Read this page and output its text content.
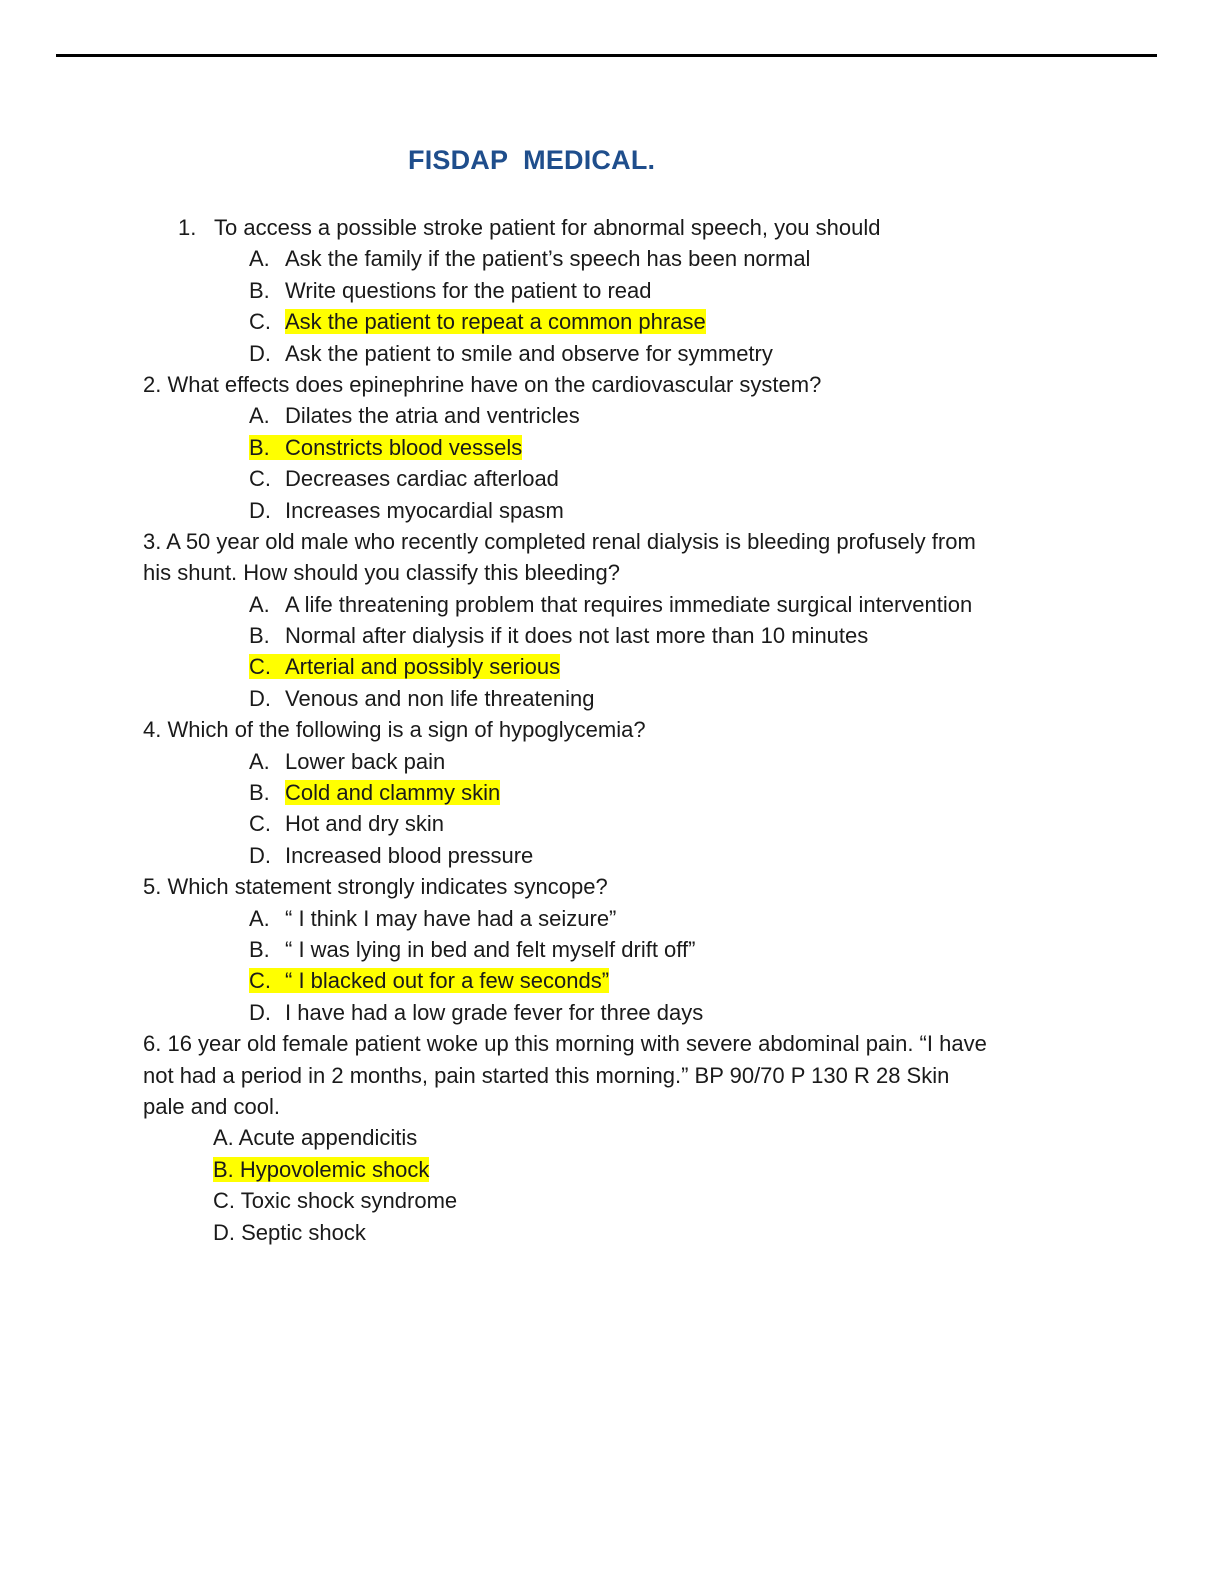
FISDAP  MEDICAL.
1. To access a possible stroke patient for abnormal speech, you should
A. Ask the family if the patient’s speech has been normal
B. Write questions for the patient to read
C. Ask the patient to repeat a common phrase
D. Ask the patient to smile and observe for symmetry
2. What effects does epinephrine have on the cardiovascular system?
A. Dilates the atria and ventricles
B. Constricts blood vessels
C. Decreases cardiac afterload
D. Increases myocardial spasm
3. A 50 year old male who recently completed renal dialysis is bleeding profusely from
his shunt. How should you classify this bleeding?
A. A life threatening problem that requires immediate surgical intervention
B. Normal after dialysis if it does not last more than 10 minutes
C. Arterial and possibly serious
D. Venous and non life threatening
4. Which of the following is a sign of hypoglycemia?
A. Lower back pain
B. Cold and clammy skin
C. Hot and dry skin
D. Increased blood pressure
5. Which statement strongly indicates syncope?
A. “ I think I may have had a seizure”
B. “ I was lying in bed and felt myself drift off”
C. “ I blacked out for a few seconds”
D. I have had a low grade fever for three days
6. 16 year old female patient woke up this morning with severe abdominal pain. “I have
not had a period in 2 months, pain started this morning.” BP 90/70 P 130 R 28 Skin
pale and cool.
A. Acute appendicitis
B. Hypovolemic shock
C. Toxic shock syndrome
D. Septic shock
